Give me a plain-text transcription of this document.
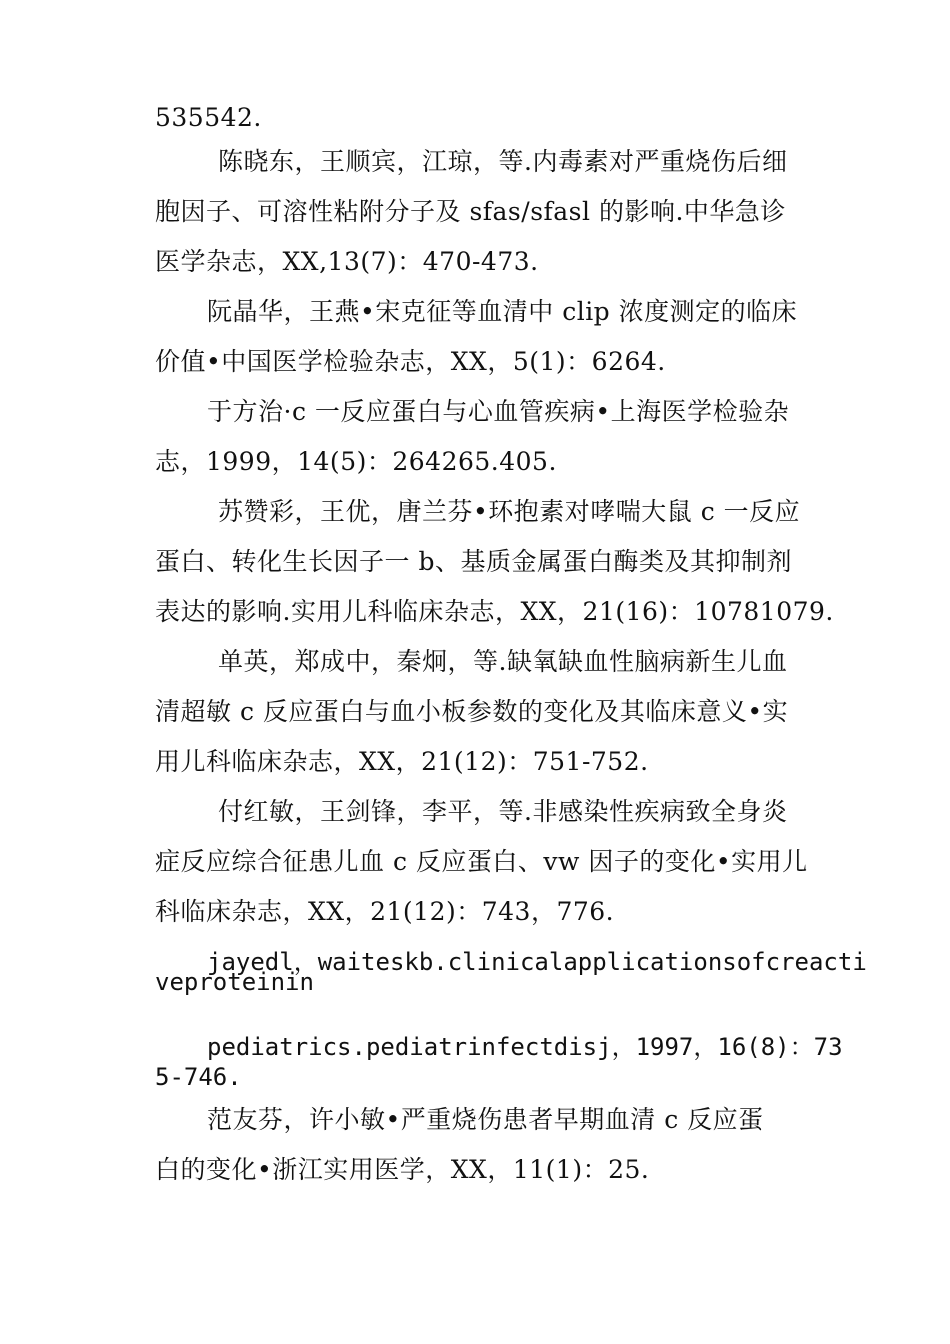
535542.
陈晓东，王顺宾，江琼，等.内毒素对严重烧伤后细
胞因子、可溶性粘附分子及 sfas/sfasl 的影响.中华急诊
医学杂志，XX,13(7)：470-473.
阮晶华，王燕•宋克征等血清中 clip 浓度测定的临床
价值•中国医学检验杂志，XX，5(1)：6264.
于方治·c 一反应蛋白与心血管疾病•上海医学检验杂
志，1999，14(5)：264265.405.
苏赞彩，王优，唐兰芬•环抱素对哮喘大鼠 c 一反应
蛋白、转化生长因子一 b、基质金属蛋白酶类及其抑制剂
表达的影响.实用儿科临床杂志，XX，21(16)：10781079.
单英，郑成中，秦炯，等.缺氧缺血性脑病新生儿血
清超敏 c 反应蛋白与血小板参数的变化及其临床意义•实
用儿科临床杂志，XX，21(12)：751-752.
付红敏，王剑锋，李平，等.非感染性疾病致全身炎
症反应综合征患儿血 c 反应蛋白、vw 因子的变化•实用儿
科临床杂志，XX，21(12)：743，776.
jayedl，waiteskb.clinicalapplicationsofcreacti
veproteinin
pediatrics.pediatrinfectdisj，1997，16(8)：73
5-746.
范友芬，许小敏•严重烧伤患者早期血清 c 反应蛋
白的变化•浙江实用医学，XX，11(1)：25.
